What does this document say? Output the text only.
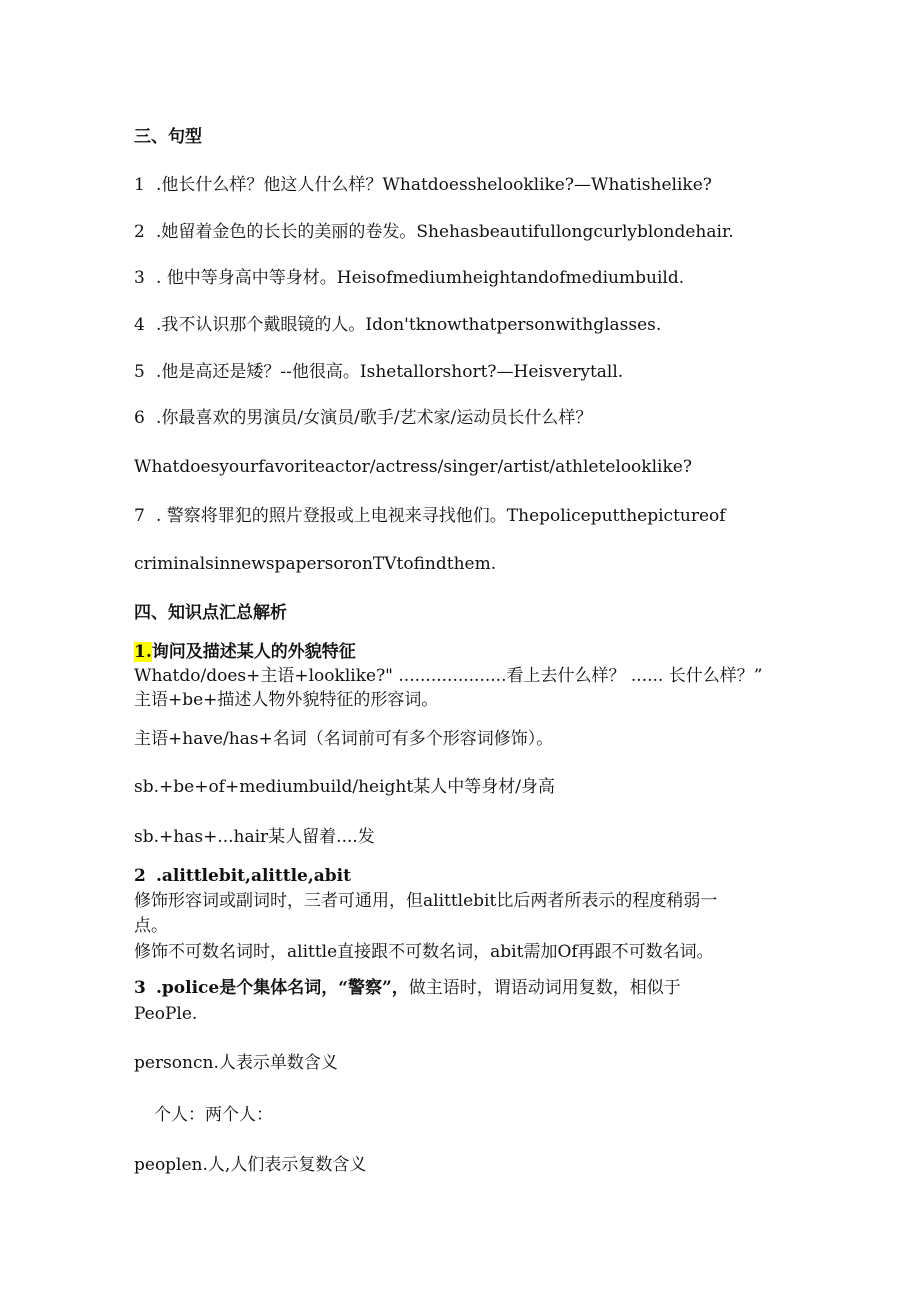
三、句型
1 .他长什么样？他这人什么样？Whatdoesshelooklike?—Whatishelike?
2 .她留着金色的长长的美丽的卷发。Shehasbeautifullongcurlyblondehair.
3 . 他中等身高中等身材。Heisofmediumheightandofmediumbuild.
4 .我不认识那个戴眼镜的人。Idon'tknowthatpersonwithglasses.
5 .他是高还是矮？--他很高。Ishetallorshort?—Heisverytall.
6 .你最喜欢的男演员/女演员/歌手/艺术家/运动员长什么样？
Whatdoesyourfavoriteactor/actress/singer/artist/athletelooklike?
7 . 警察将罪犯的照片登报或上电视来寻找他们。Thepoliceputthepictureof
criminalsinnewspapersoronTVtofindthem.
四、知识点汇总解析
1.询问及描述某人的外貌特征
Whatdo/does+主语+looklike?" ....................看上去什么样？ ...... 长什么样？”
主语+be+描述人物外貌特征的形容词。
主语+have/has+名词（名词前可有多个形容词修饰）。
sb.+be+of+mediumbuild/height某人中等身材/身高
sb.+has+...hair某人留着....发
2 .alittlebit,alittle,abit
修饰形容词或副词时，三者可通用，但alittlebit比后两者所表示的程度稍弱一
点。
修饰不可数名词时，alittle直接跟不可数名词，abit需加Of再跟不可数名词。
3 .police是个集体名词，“警察”，做主语时，谓语动词用复数，相似于
PeoPle.
personcn.人表示单数含义
个人：两个人：
peoplen.人,人们表示复数含义
